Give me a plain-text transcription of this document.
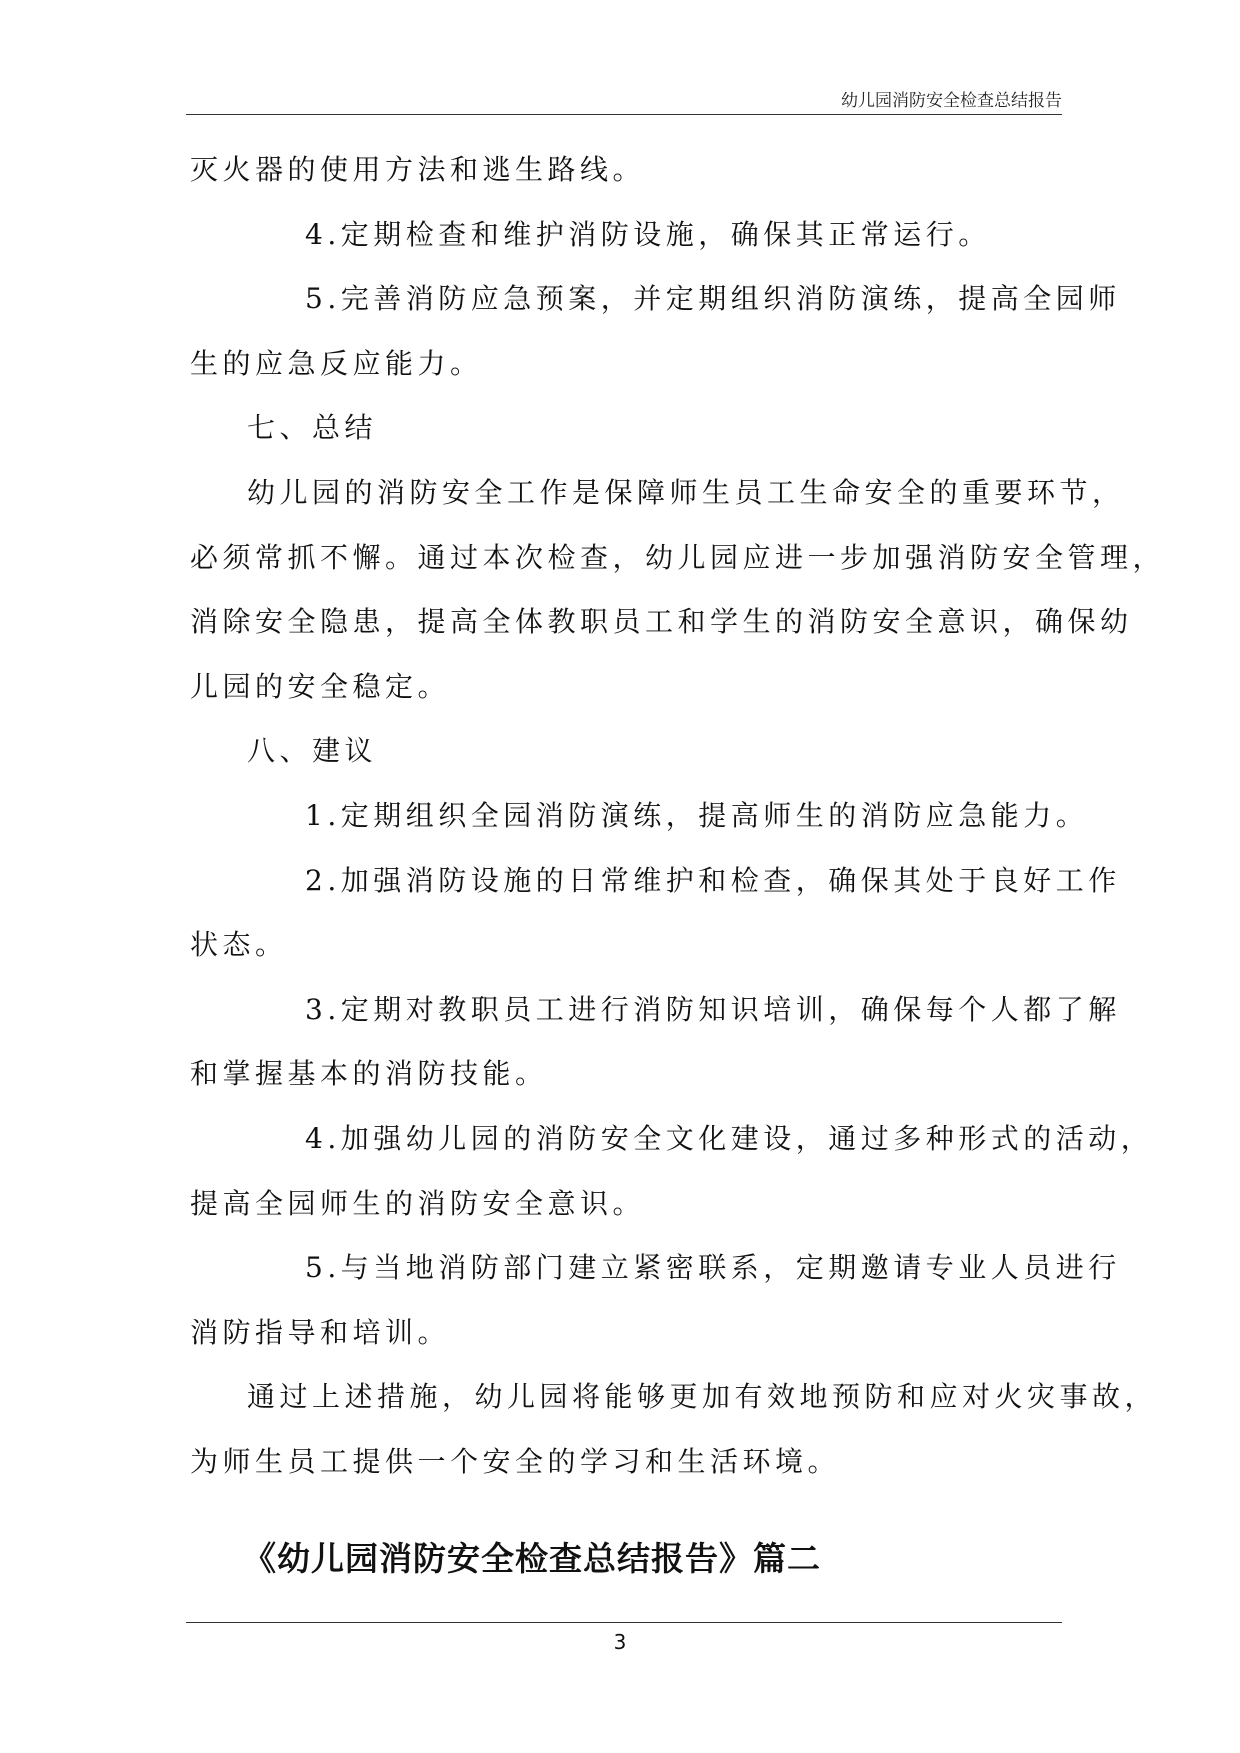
幼儿园消防安全检查总结报告

灭火器的使用方法和逃生路线。

4.定期检查和维护消防设施，确保其正常运行。

5.完善消防应急预案，并定期组织消防演练，提高全园师

生的应急反应能力。

七、总结

幼儿园的消防安全工作是保障师生员工生命安全的重要环节，

必须常抓不懈。通过本次检查，幼儿园应进一步加强消防安全管理，

消除安全隐患，提高全体教职员工和学生的消防安全意识，确保幼

儿园的安全稳定。

八、建议

1.定期组织全园消防演练，提高师生的消防应急能力。

2.加强消防设施的日常维护和检查，确保其处于良好工作

状态。

3.定期对教职员工进行消防知识培训，确保每个人都了解

和掌握基本的消防技能。

4.加强幼儿园的消防安全文化建设，通过多种形式的活动，

提高全园师生的消防安全意识。

5.与当地消防部门建立紧密联系，定期邀请专业人员进行

消防指导和培训。

通过上述措施，幼儿园将能够更加有效地预防和应对火灾事故，

为师生员工提供一个安全的学习和生活环境。

《幼儿园消防安全检查总结报告》篇二
3
